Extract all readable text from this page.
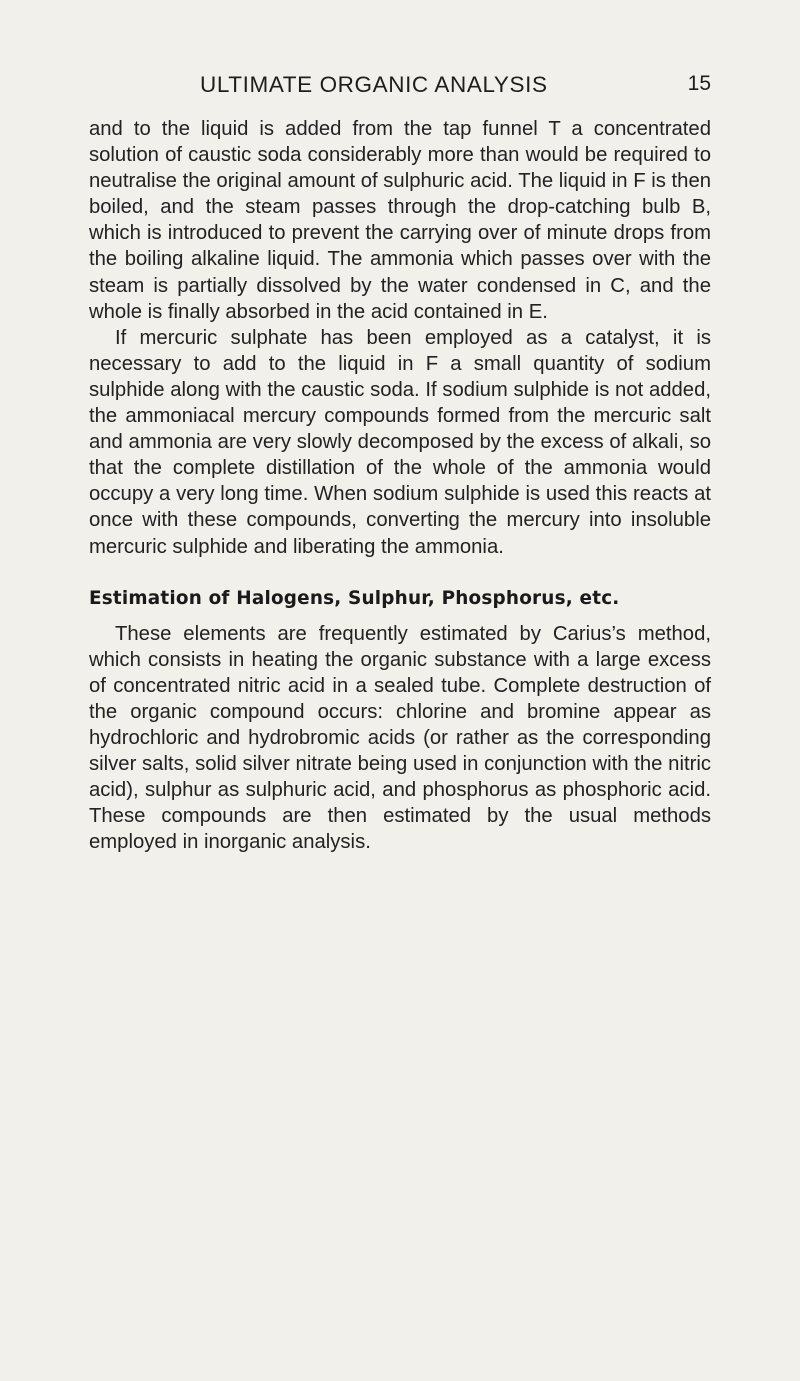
ULTIMATE ORGANIC ANALYSIS	15

and to the liquid is added from the tap funnel T a concentrated solution of caustic soda considerably more than would be required to neutralise the original amount of sulphuric acid. The liquid in F is then boiled, and the steam passes through the drop-catching bulb B, which is introduced to prevent the carrying over of minute drops from the boiling alkaline liquid. The ammonia which passes over with the steam is partially dissolved by the water condensed in C, and the whole is finally absorbed in the acid contained in E.

If mercuric sulphate has been employed as a catalyst, it is necessary to add to the liquid in F a small quantity of sodium sulphide along with the caustic soda. If sodium sulphide is not added, the ammoniacal mercury compounds formed from the mercuric salt and ammonia are very slowly decomposed by the excess of alkali, so that the complete distillation of the whole of the ammonia would occupy a very long time. When sodium sulphide is used this reacts at once with these compounds, converting the mercury into insoluble mercuric sulphide and liberating the ammonia.

Estimation of Halogens, Sulphur, Phosphorus, etc.

These elements are frequently estimated by Carius’s method, which consists in heating the organic substance with a large excess of concentrated nitric acid in a sealed tube. Complete destruction of the organic compound occurs: chlorine and bromine appear as hydrochloric and hydrobromic acids (or rather as the corresponding silver salts, solid silver nitrate being used in conjunction with the nitric acid), sulphur as sulphuric acid, and phosphorus as phosphoric acid. These compounds are then estimated by the usual methods employed in inorganic analysis.
